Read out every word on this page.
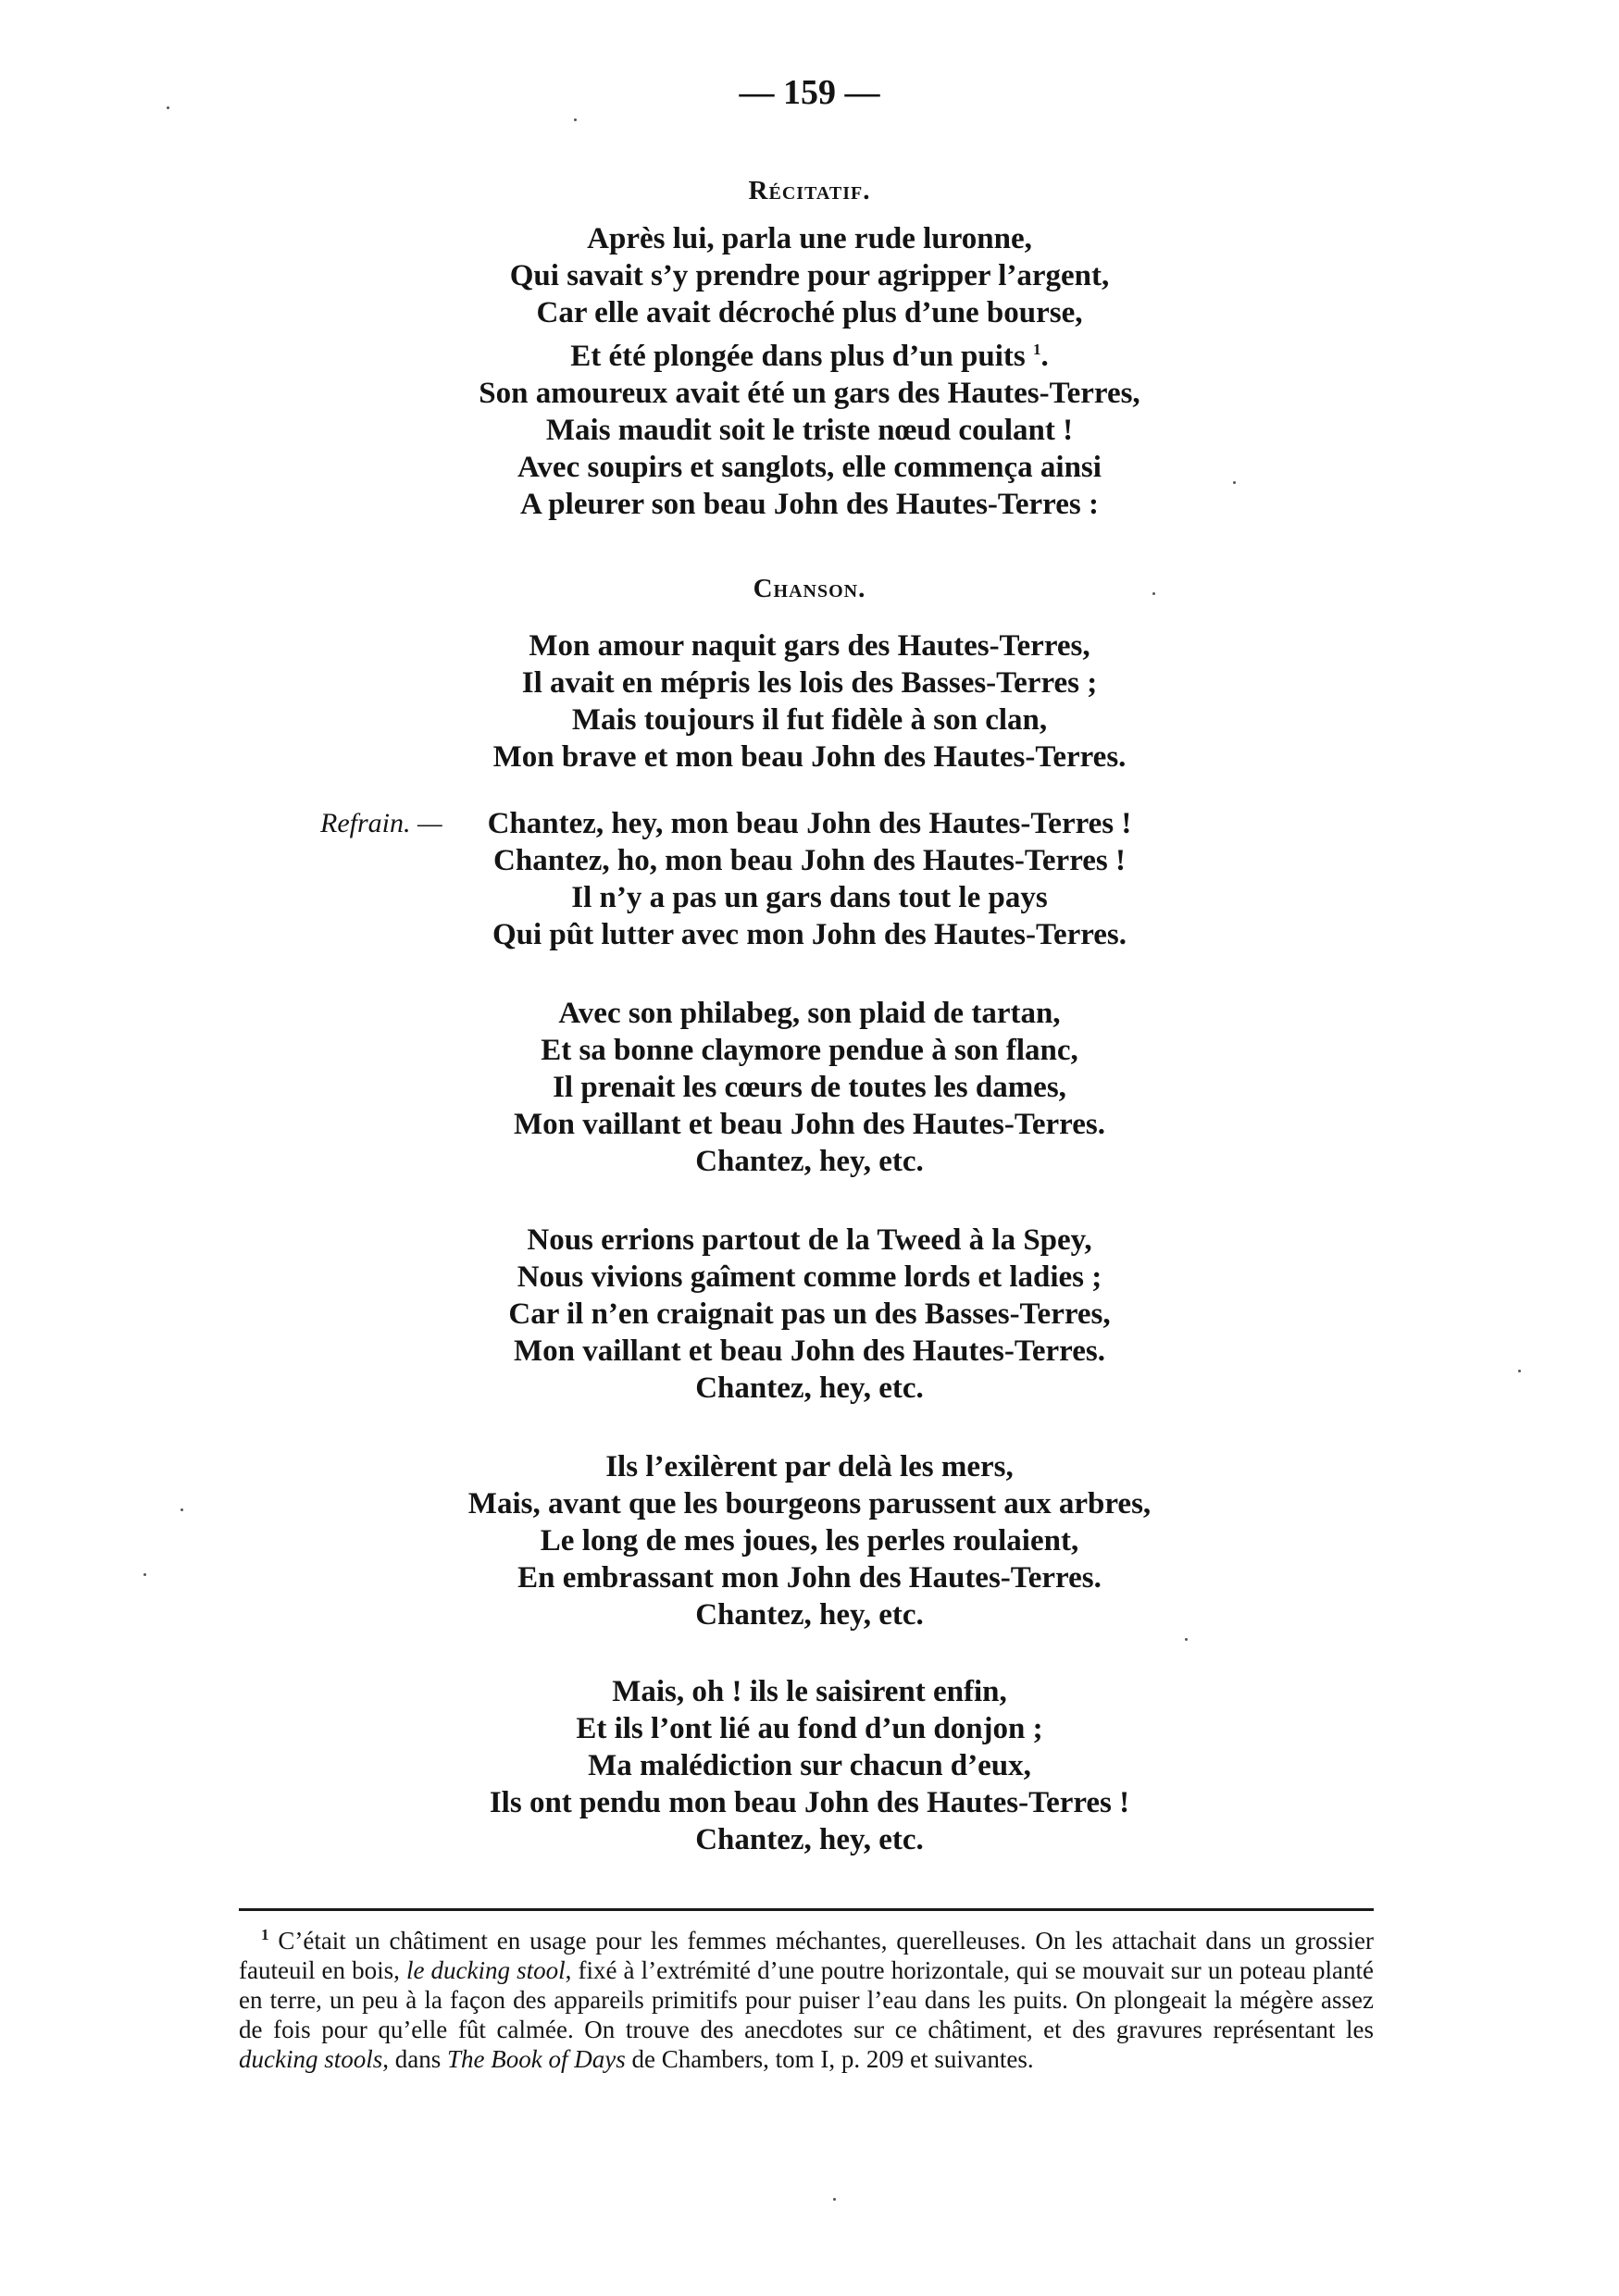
— 159 —
Récitatif.
Après lui, parla une rude luronne,
Qui savait s’y prendre pour agripper l’argent,
Car elle avait décroché plus d’une bourse,
Et été plongée dans plus d’un puits $^1$.
Son amoureux avait été un gars des Hautes-Terres,
Mais maudit soit le triste nœud coulant !
Avec soupirs et sanglots, elle commença ainsi
A pleurer son beau John des Hautes-Terres :
Chanson.
Mon amour naquit gars des Hautes-Terres,
Il avait en mépris les lois des Basses-Terres ;
Mais toujours il fut fidèle à son clan,
Mon brave et mon beau John des Hautes-Terres.
Refrain. —	Chantez, hey, mon beau John des Hautes-Terres !
Chantez, ho, mon beau John des Hautes-Terres !
Il n’y a pas un gars dans tout le pays
Qui pût lutter avec mon John des Hautes-Terres.
Avec son philabeg, son plaid de tartan,
Et sa bonne claymore pendue à son flanc,
Il prenait les cœurs de toutes les dames,
Mon vaillant et beau John des Hautes-Terres.
Chantez, hey, etc.
Nous errions partout de la Tweed à la Spey,
Nous vivions gaîment comme lords et ladies ;
Car il n’en craignait pas un des Basses-Terres,
Mon vaillant et beau John des Hautes-Terres.
Chantez, hey, etc.
Ils l’exilèrent par delà les mers,
Mais, avant que les bourgeons parussent aux arbres,
Le long de mes joues, les perles roulaient,
En embrassant mon John des Hautes-Terres.
Chantez, hey, etc.
Mais, oh ! ils le saisirent enfin,
Et ils l’ont lié au fond d’un donjon ;
Ma malédiction sur chacun d’eux,
Ils ont pendu mon beau John des Hautes-Terres !
Chantez, hey, etc.

$^1$ C’était un châtiment en usage pour les femmes méchantes, querelleuses. On les attachait dans un grossier fauteuil en bois, le ducking stool, fixé à l’extrémité d’une poutre horizontale, qui se mouvait sur un poteau planté en terre, un peu à la façon des appareils primitifs pour puiser l’eau dans les puits. On plongeait la mégère assez de fois pour qu’elle fût calmée. On trouve des anecdotes sur ce châtiment, et des gravures représentant les ducking stools, dans The Book of Days de Chambers, tom I, p. 209 et suivantes.
